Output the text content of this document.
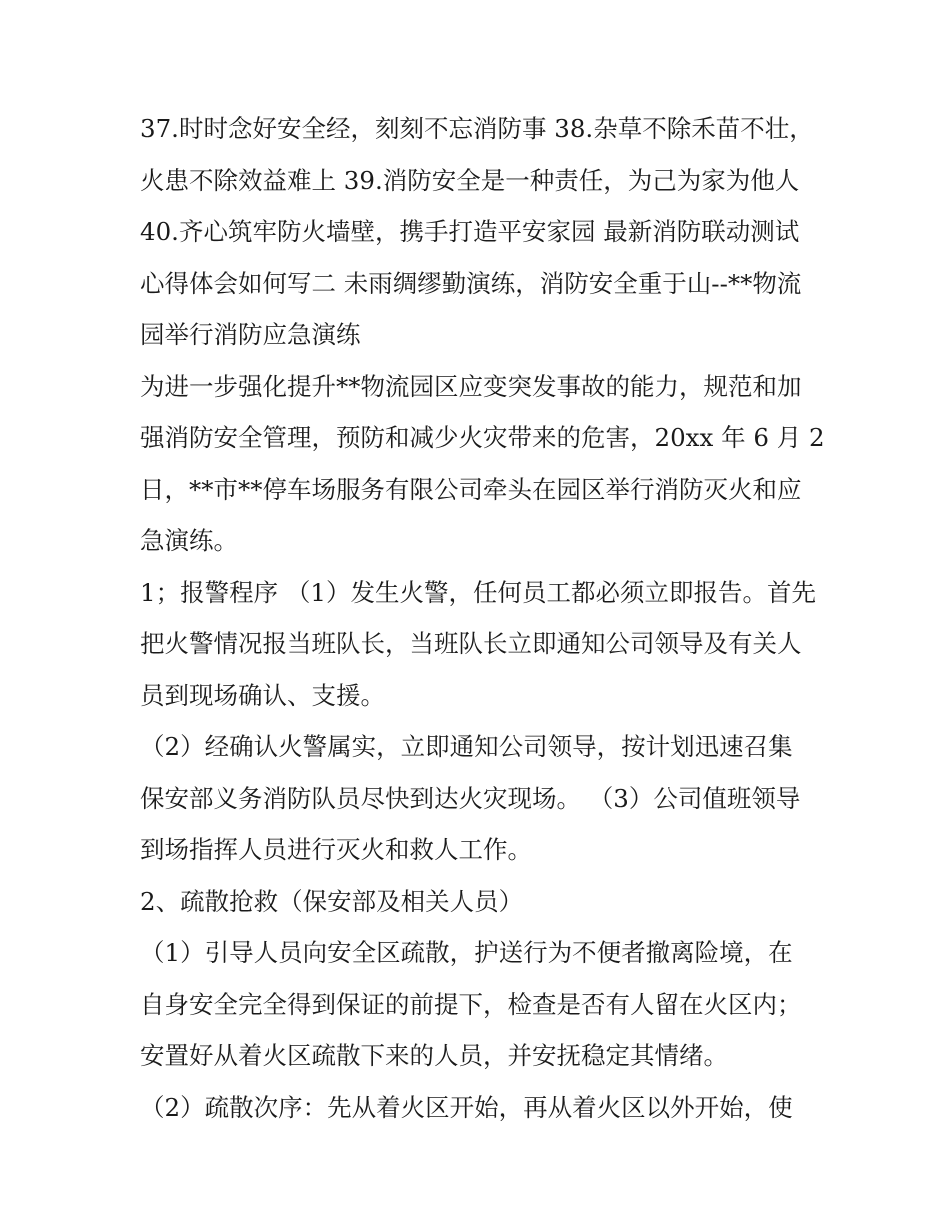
37.时时念好安全经，刻刻不忘消防事 38.杂草不除禾苗不壮，
火患不除效益难上 39.消防安全是一种责任，为己为家为他人
40.齐心筑牢防火墙壁，携手打造平安家园 最新消防联动测试
心得体会如何写二 未雨绸缪勤演练，消防安全重于山--**物流
园举行消防应急演练
为进一步强化提升**物流园区应变突发事故的能力，规范和加
强消防安全管理，预防和减少火灾带来的危害，20xx 年 6 月 2
日，**市**停车场服务有限公司牵头在园区举行消防灭火和应
急演练。
1；报警程序 （1）发生火警，任何员工都必须立即报告。首先
把火警情况报当班队长，当班队长立即通知公司领导及有关人
员到现场确认、支援。
（2）经确认火警属实，立即通知公司领导，按计划迅速召集
保安部义务消防队员尽快到达火灾现场。 （3）公司值班领导
到场指挥人员进行灭火和救人工作。
2、疏散抢救（保安部及相关人员）
（1）引导人员向安全区疏散，护送行为不便者撤离险境，在
自身安全完全得到保证的前提下，检查是否有人留在火区内；
安置好从着火区疏散下来的人员，并安抚稳定其情绪。
（2）疏散次序：先从着火区开始，再从着火区以外开始，使
